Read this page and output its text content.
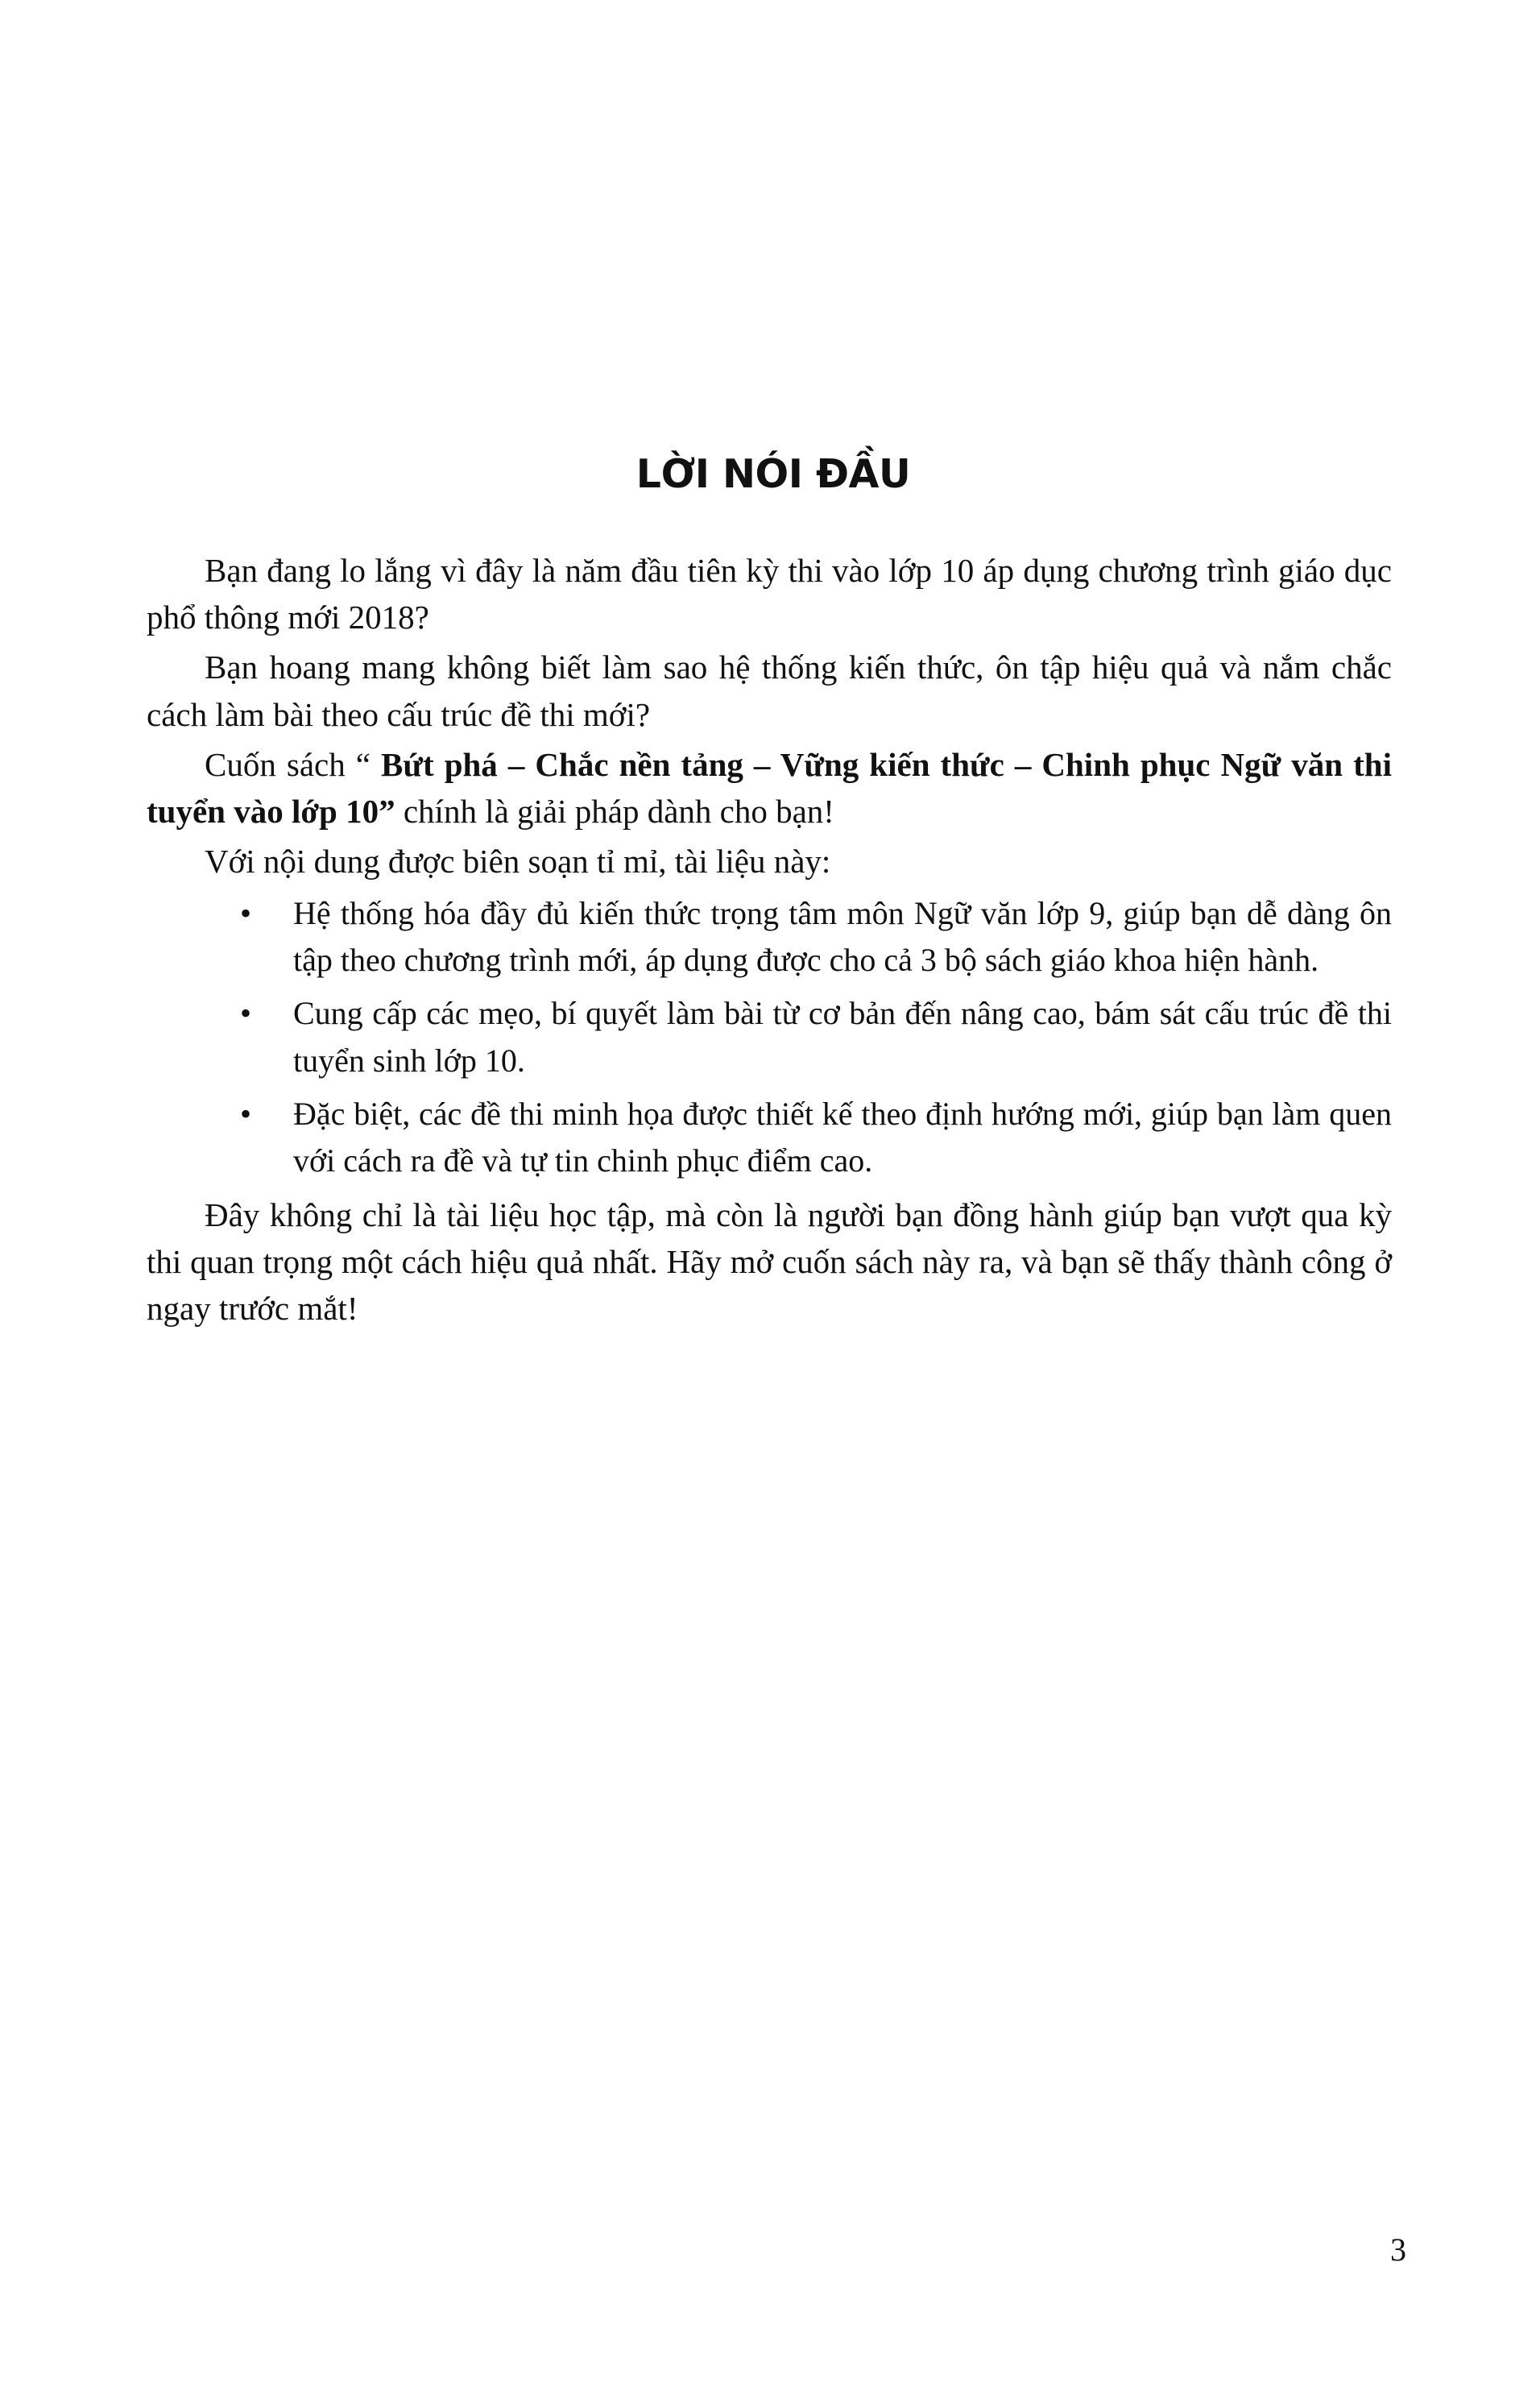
LỜI NÓI ĐẦU

Bạn đang lo lắng vì đây là năm đầu tiên kỳ thi vào lớp 10 áp dụng chương trình giáo dục phổ thông mới 2018?

Bạn hoang mang không biết làm sao hệ thống kiến thức, ôn tập hiệu quả và nắm chắc cách làm bài theo cấu trúc đề thi mới?

Cuốn sách “ Bứt phá – Chắc nền tảng – Vững kiến thức – Chinh phục Ngữ văn thi tuyển vào lớp 10” chính là giải pháp dành cho bạn!

Với nội dung được biên soạn tỉ mỉ, tài liệu này:

• Hệ thống hóa đầy đủ kiến thức trọng tâm môn Ngữ văn lớp 9, giúp bạn dễ dàng ôn tập theo chương trình mới, áp dụng được cho cả 3 bộ sách giáo khoa hiện hành.
• Cung cấp các mẹo, bí quyết làm bài từ cơ bản đến nâng cao, bám sát cấu trúc đề thi tuyển sinh lớp 10.
• Đặc biệt, các đề thi minh họa được thiết kế theo định hướng mới, giúp bạn làm quen với cách ra đề và tự tin chinh phục điểm cao.

Đây không chỉ là tài liệu học tập, mà còn là người bạn đồng hành giúp bạn vượt qua kỳ thi quan trọng một cách hiệu quả nhất. Hãy mở cuốn sách này ra, và bạn sẽ thấy thành công ở ngay trước mắt!

3
